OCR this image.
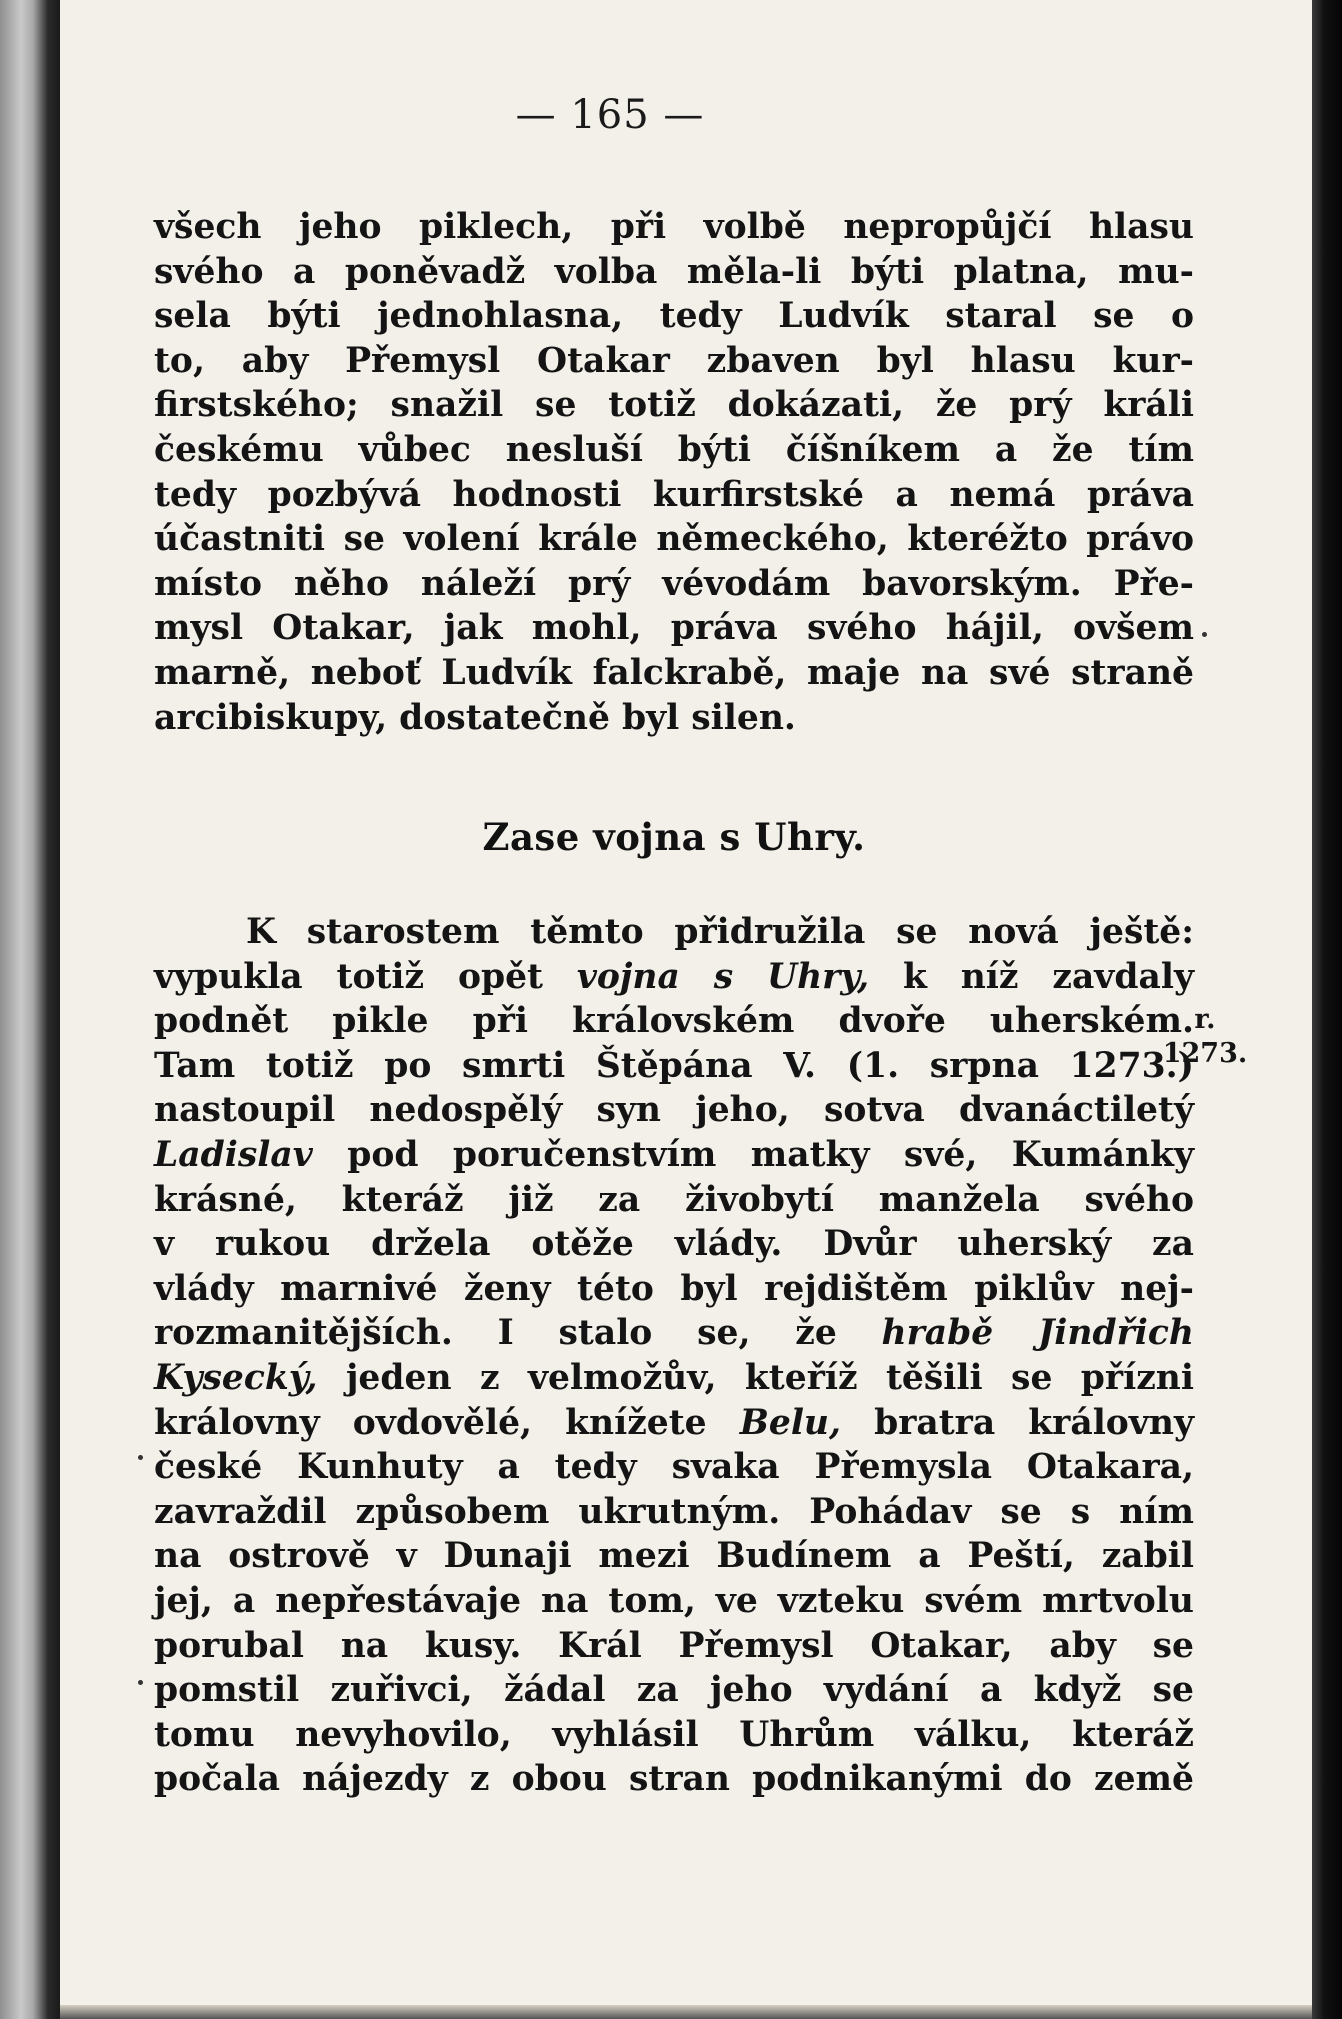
— 165 —
všech jeho piklech, při volbě nepropůjčí hlasu
svého a poněvadž volba měla-li býti platna, mu-
sela býti jednohlasna, tedy Ludvík staral se o
to, aby Přemysl Otakar zbaven byl hlasu kur-
firstského; snažil se totiž dokázati, že prý králi
českému vůbec nesluší býti číšníkem a že tím
tedy pozbývá hodnosti kurfirstské a nemá práva
účastniti se volení krále německého, kteréžto právo
místo něho náleží prý vévodám bavorským. Pře-
mysl Otakar, jak mohl, práva svého hájil, ovšem
marně, neboť Ludvík falckrabě, maje na své straně
arcibiskupy, dostatečně byl silen.
Zase vojna s Uhry.
K starostem těmto přidružila se nová ještě:
vypukla totiž opět vojna s Uhry, k níž zavdaly
podnět pikle při královském dvoře uherském.
Tam totiž po smrti Štěpána V. (1. srpna 1273.)
nastoupil nedospělý syn jeho, sotva dvanáctiletý
Ladislav pod poručenstvím matky své, Kumánky
krásné, kteráž již za živobytí manžela svého
v rukou držela otěže vlády. Dvůr uherský za
vlády marnivé ženy této byl rejdištěm piklův nej-
rozmanitějších. I stalo se, že hrabě Jindřich
Kysecký, jeden z velmožův, kteříž těšili se přízni
královny ovdovělé, knížete Belu, bratra královny
české Kunhuty a tedy svaka Přemysla Otakara,
zavraždil způsobem ukrutným. Pohádav se s ním
na ostrově v Dunaji mezi Budínem a Peští, zabil
jej, a nepřestávaje na tom, ve vzteku svém mrtvolu
porubal na kusy. Král Přemysl Otakar, aby se
pomstil zuřivci, žádal za jeho vydání a když se
tomu nevyhovilo, vyhlásil Uhrům válku, kteráž
počala nájezdy z obou stran podnikanými do země
r.
1273.
